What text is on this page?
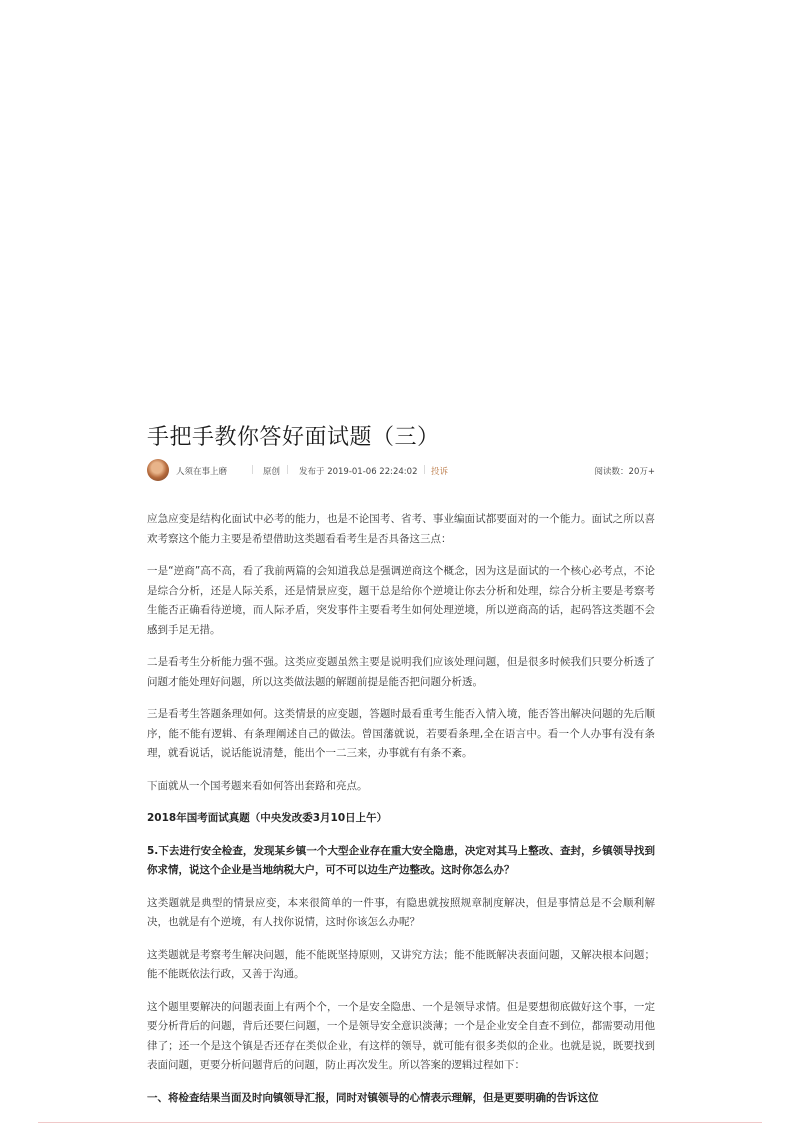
手把手教你答好面试题（三）
人须在事上磨	| 原创 | 发布于 2019-01-06 22:24:02 | 投诉	阅读数：20万+

应急应变是结构化面试中必考的能力，也是不论国考、省考、事业编面试都要面对的一个能力。面试之所以喜欢考察这个能力主要是希望借助这类题看看考生是否具备这三点：

一是“逆商”高不高，看了我前两篇的会知道我总是强调逆商这个概念，因为这是面试的一个核心必考点，不论是综合分析，还是人际关系，还是情景应变，题干总是给你个逆境让你去分析和处理，综合分析主要是考察考生能否正确看待逆境，而人际矛盾，突发事件主要看考生如何处理逆境，所以逆商高的话，起码答这类题不会感到手足无措。

二是看考生分析能力强不强。这类应变题虽然主要是说明我们应该处理问题，但是很多时候我们只要分析透了问题才能处理好问题，所以这类做法题的解题前提是能否把问题分析透。

三是看考生答题条理如何。这类情景的应变题，答题时最看重考生能否入情入境，能否答出解决问题的先后顺序，能不能有逻辑、有条理阐述自己的做法。曾国藩就说，若要看条理,全在语言中。看一个人办事有没有条理，就看说话，说话能说清楚，能出个一二三来，办事就有有条不紊。

下面就从一个国考题来看如何答出套路和亮点。

2018年国考面试真题（中央发改委3月10日上午）

5.下去进行安全检查，发现某乡镇一个大型企业存在重大安全隐患，决定对其马上整改、查封，乡镇领导找到你求情，说这个企业是当地纳税大户，可不可以边生产边整改。这时你怎么办？

这类题就是典型的情景应变，本来很简单的一件事，有隐患就按照规章制度解决，但是事情总是不会顺利解决，也就是有个逆境，有人找你说情，这时你该怎么办呢？

这类题就是考察考生解决问题，能不能既坚持原则，又讲究方法；能不能既解决表面问题，又解决根本问题；能不能既依法行政，又善于沟通。

这个题里要解决的问题表面上有两个个，一个是安全隐患、一个是领导求情。但是要想彻底做好这个事，一定要分析背后的问题，背后还要仨问题，一个是领导安全意识淡薄；一个是企业安全自查不到位，都需要动用他律了；还一个是这个镇是否还存在类似企业，有这样的领导，就可能有很多类似的企业。也就是说，既要找到表面问题，更要分析问题背后的问题，防止再次发生。所以答案的逻辑过程如下：

一、将检查结果当面及时向镇领导汇报，同时对镇领导的心情表示理解，但是更要明确的告诉这位
